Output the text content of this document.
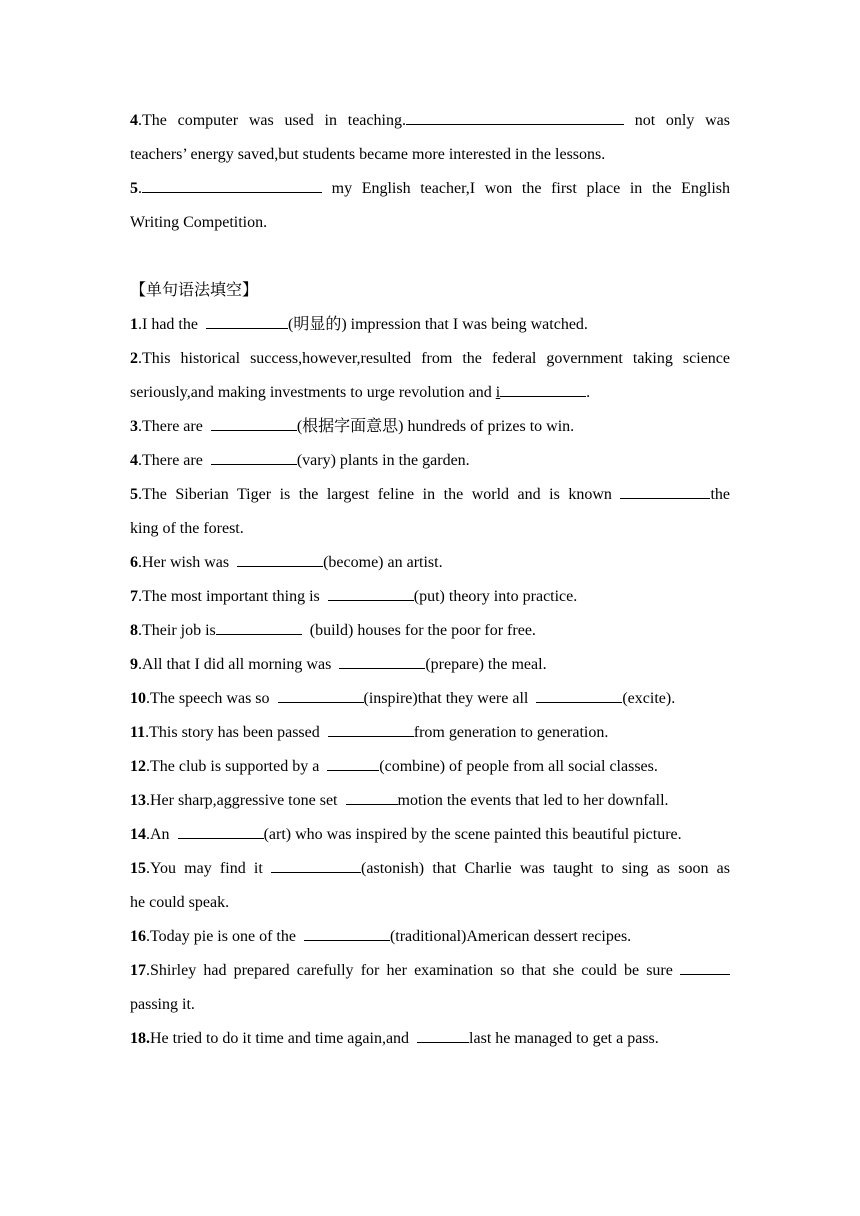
4.The computer was used in teaching.	not only was
teachers’ energy saved,but students became more interested in the lessons.
5.	my English teacher,I won the first place in the English
Writing Competition.
【单句语法填空】
1.I had the	(明显的) impression that I was being watched.
2.This historical success,however,resulted from the federal government taking science
seriously,and making investments to urge revolution and i	.
3.There are	(根据字面意思) hundreds of prizes to win.
4.There are	(vary) plants in the garden.
5.The Siberian Tiger is the largest feline in the world and is known	the
king of the forest.
6.Her wish was	(become) an artist.
7.The most important thing is	(put) theory into practice.
8.Their job is	(build) houses for the poor for free.
9.All that I did all morning was	(prepare) the meal.
10.The speech was so	(inspire)that they were all	(excite).
11.This story has been passed	from generation to generation.
12.The club is supported by a	(combine) of people from all social classes.
13.Her sharp,aggressive tone set	motion the events that led to her downfall.
14.An	(art) who was inspired by the scene painted this beautiful picture.
15.You may find it	(astonish) that Charlie was taught to sing as soon as
he could speak.
16.Today pie is one of the	(traditional)American dessert recipes.
17.Shirley had prepared carefully for her examination so that she could be sure
passing it.
18.He tried to do it time and time again,and	last he managed to get a pass.
